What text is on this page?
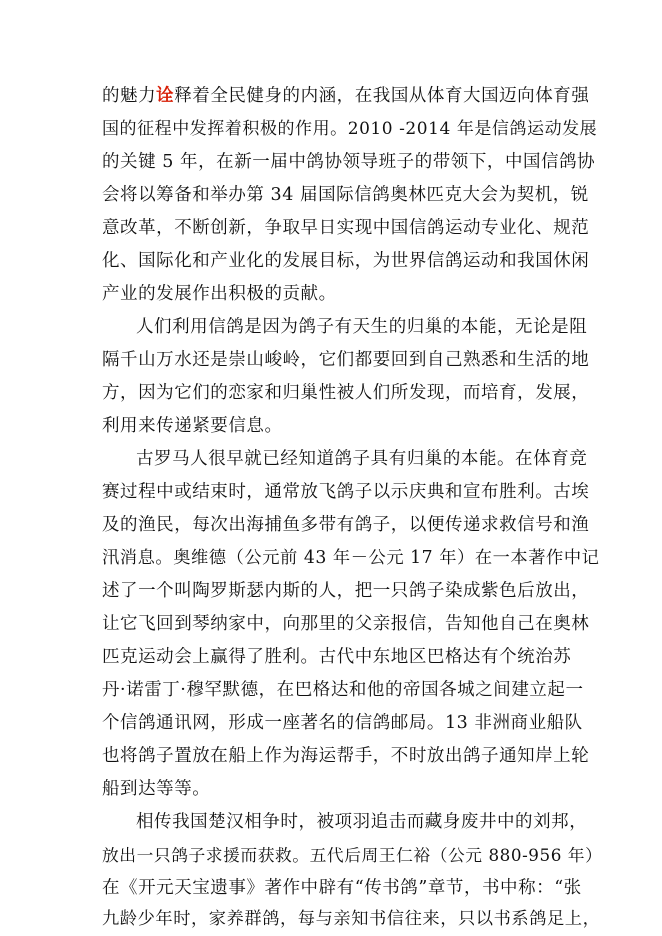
的魅力诠释着全民健身的内涵，在我国从体育大国迈向体育强
国的征程中发挥着积极的作用。2010 -2014 年是信鸽运动发展
的关键 5 年，在新一届中鸽协领导班子的带领下，中国信鸽协
会将以筹备和举办第 34 届国际信鸽奥林匹克大会为契机，锐
意改革，不断创新，争取早日实现中国信鸽运动专业化、规范
化、国际化和产业化的发展目标，为世界信鸽运动和我国休闲
产业的发展作出积极的贡献。
人们利用信鸽是因为鸽子有天生的归巢的本能，无论是阻
隔千山万水还是崇山峻岭，它们都要回到自己熟悉和生活的地
方，因为它们的恋家和归巢性被人们所发现，而培育，发展，
利用来传递紧要信息。
古罗马人很早就已经知道鸽子具有归巢的本能。在体育竞
赛过程中或结束时，通常放飞鸽子以示庆典和宣布胜利。古埃
及的渔民，每次出海捕鱼多带有鸽子，以便传递求救信号和渔
汛消息。奥维德（公元前 43 年－公元 17 年）在一本著作中记
述了一个叫陶罗斯瑟内斯的人，把一只鸽子染成紫色后放出，
让它飞回到琴纳家中，向那里的父亲报信，告知他自己在奥林
匹克运动会上赢得了胜利。古代中东地区巴格达有个统治苏
丹·诺雷丁·穆罕默德，在巴格达和他的帝国各城之间建立起一
个信鸽通讯网，形成一座著名的信鸽邮局。13 非洲商业船队
也将鸽子置放在船上作为海运帮手，不时放出鸽子通知岸上轮
船到达等等。
相传我国楚汉相争时，被项羽追击而藏身废井中的刘邦，
放出一只鸽子求援而获救。五代后周王仁裕（公元 880-956 年）
在《开元天宝遗事》著作中辟有“传书鸽”章节，书中称：“张
九龄少年时，家养群鸽，每与亲知书信往来，只以书系鸽足上，
